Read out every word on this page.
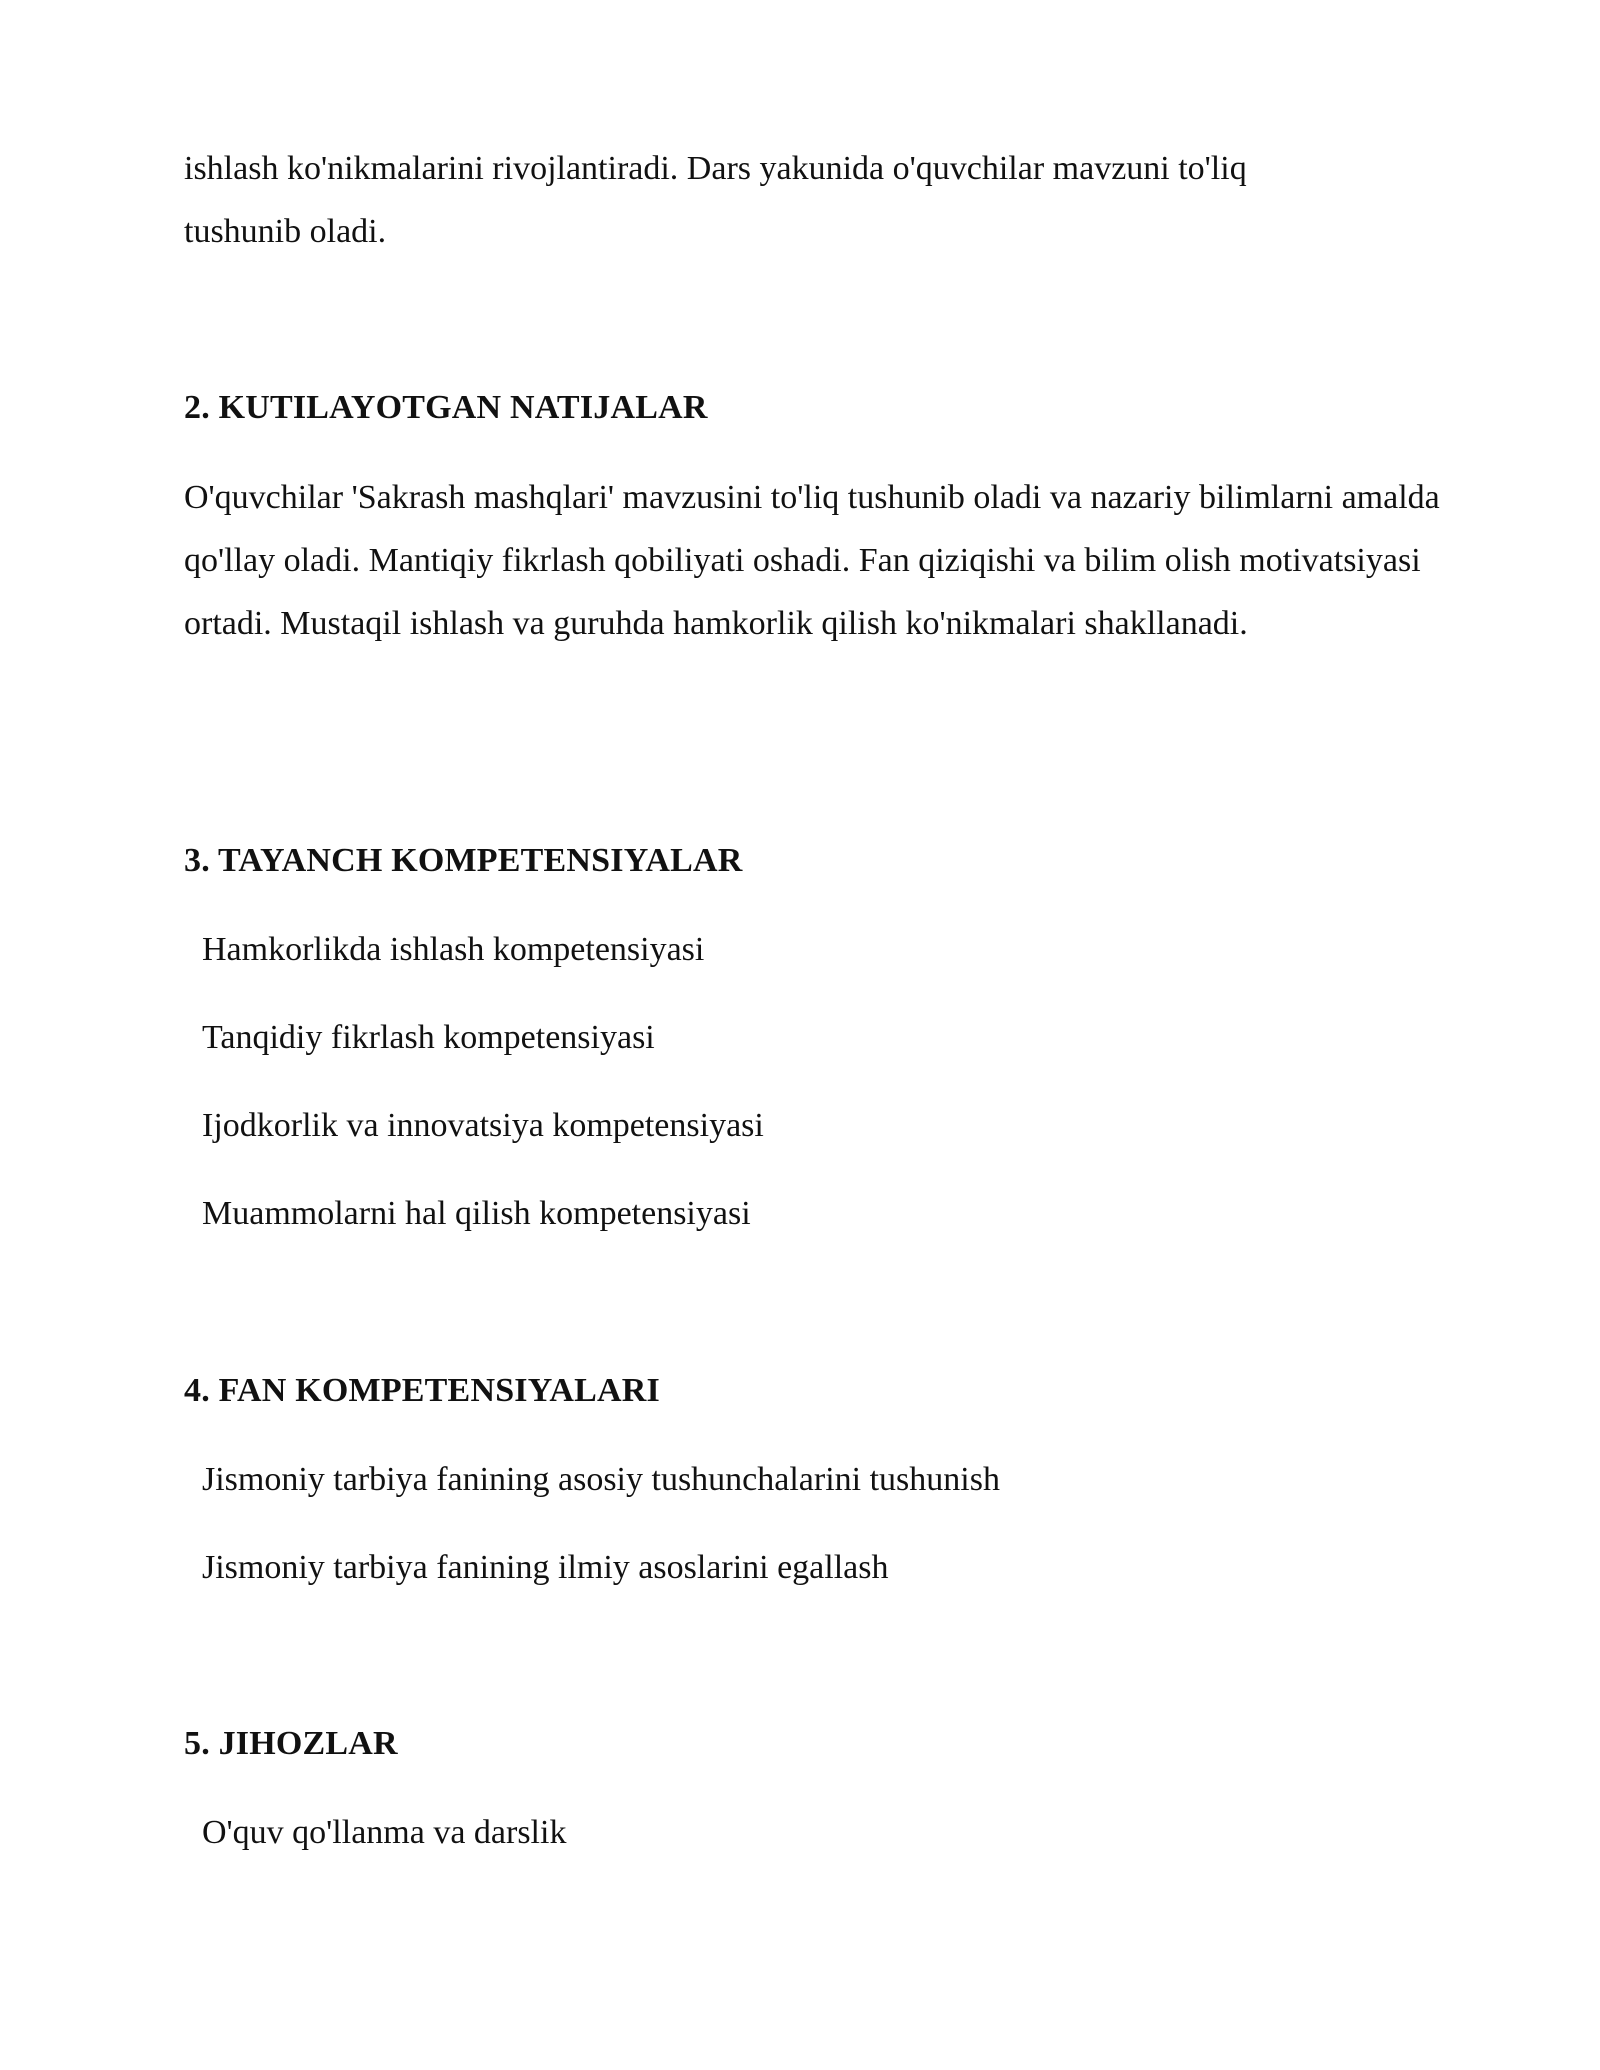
ishlash ko'nikmalarini rivojlantiradi. Dars yakunida o'quvchilar mavzuni to'liq tushunib oladi.

2. KUTILAYOTGAN NATIJALAR

O'quvchilar 'Sakrash mashqlari' mavzusini to'liq tushunib oladi va nazariy bilimlarni amalda qo'llay oladi. Mantiqiy fikrlash qobiliyati oshadi. Fan qiziqishi va bilim olish motivatsiyasi ortadi. Mustaqil ishlash va guruhda hamkorlik qilish ko'nikmalari shakllanadi.

3. TAYANCH KOMPETENSIYALAR

Hamkorlikda ishlash kompetensiyasi

Tanqidiy fikrlash kompetensiyasi

Ijodkorlik va innovatsiya kompetensiyasi

Muammolarni hal qilish kompetensiyasi

4. FAN KOMPETENSIYALARI

Jismoniy tarbiya fanining asosiy tushunchalarini tushunish

Jismoniy tarbiya fanining ilmiy asoslarini egallash

5. JIHOZLAR

O'quv qo'llanma va darslik
